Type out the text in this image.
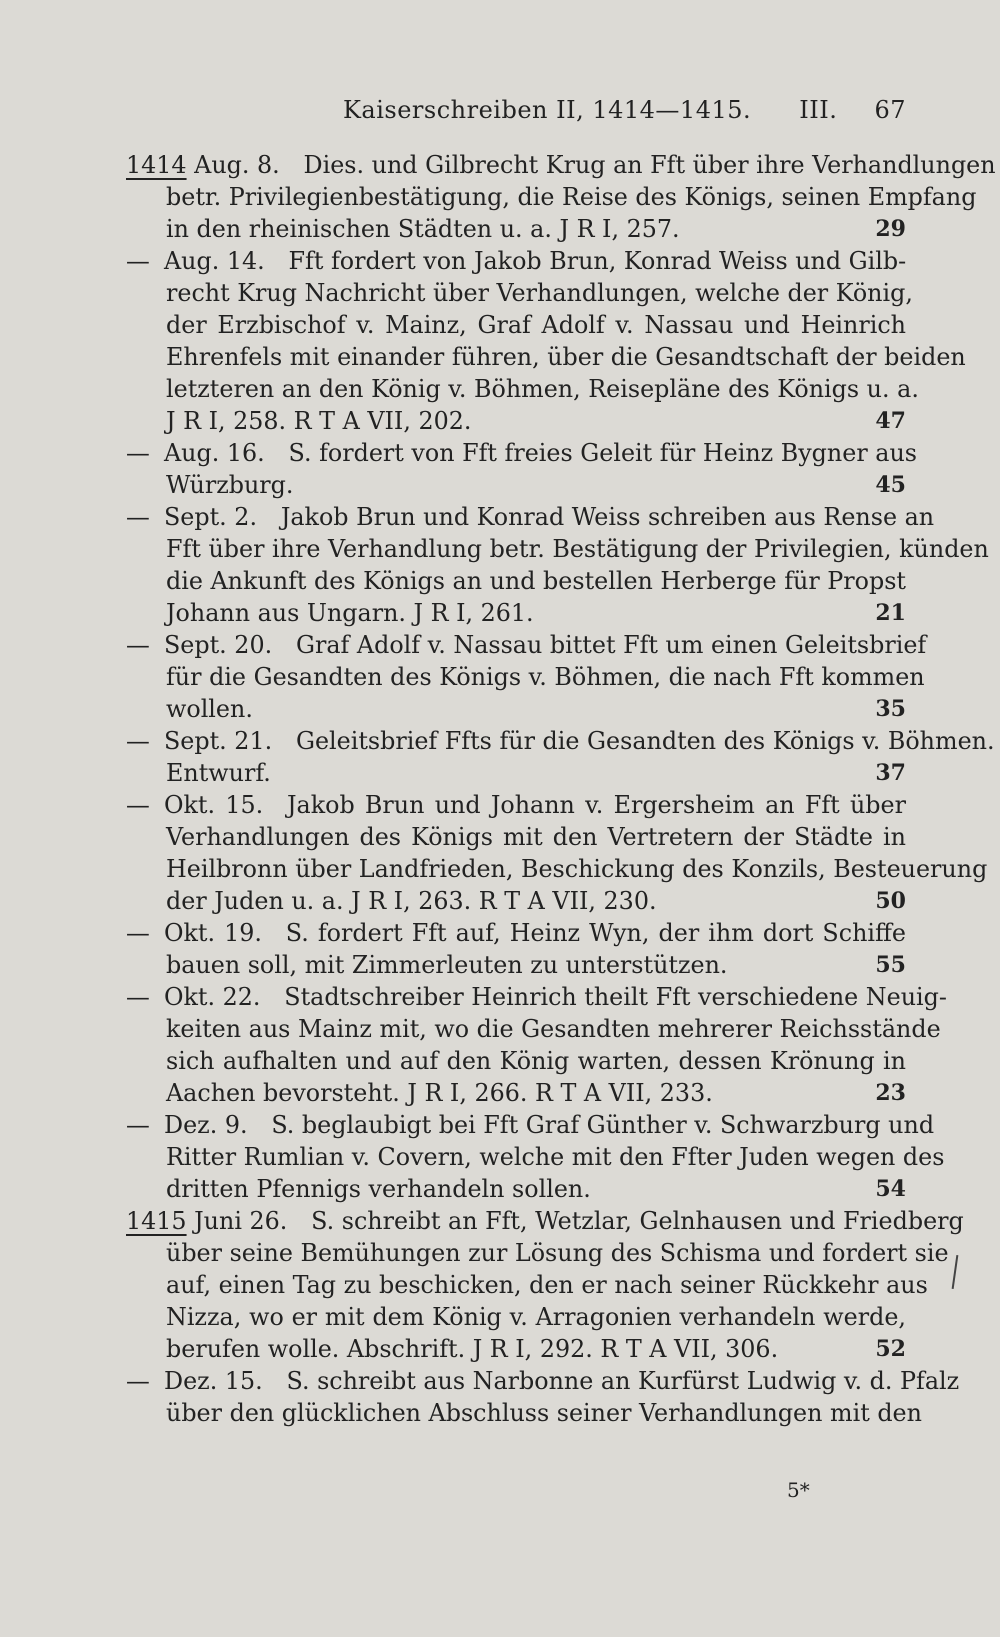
Kaiserschreiben II, 1414—1415. III.	67
1414 Aug. 8.  Dies. und Gilbrecht Krug an Fft über ihre Verhandlungen
betr. Privilegienbestätigung, die Reise des Königs, seinen Empfang
in den rheinischen Städten u. a. J R I, 257.	29
— Aug. 14.  Fft fordert von Jakob Brun, Konrad Weiss und Gilb-
recht Krug Nachricht über Verhandlungen, welche der König,
der Erzbischof v. Mainz, Graf Adolf v. Nassau und Heinrich
Ehrenfels mit einander führen, über die Gesandtschaft der beiden
letzteren an den König v. Böhmen, Reisepläne des Königs u. a.
J R I, 258. R T A VII, 202.	47
— Aug. 16.  S. fordert von Fft freies Geleit für Heinz Bygner aus
Würzburg.	45
— Sept. 2.  Jakob Brun und Konrad Weiss schreiben aus Rense an
Fft über ihre Verhandlung betr. Bestätigung der Privilegien, künden
die Ankunft des Königs an und bestellen Herberge für Propst
Johann aus Ungarn. J R I, 261.	21
— Sept. 20.  Graf Adolf v. Nassau bittet Fft um einen Geleitsbrief
für die Gesandten des Königs v. Böhmen, die nach Fft kommen
wollen.	35
— Sept. 21.  Geleitsbrief Ffts für die Gesandten des Königs v. Böhmen.
Entwurf.	37
— Okt. 15.  Jakob Brun und Johann v. Ergersheim an Fft über
Verhandlungen des Königs mit den Vertretern der Städte in
Heilbronn über Landfrieden, Beschickung des Konzils, Besteuerung
der Juden u. a. J R I, 263. R T A VII, 230.	50
— Okt. 19.  S. fordert Fft auf, Heinz Wyn, der ihm dort Schiffe
bauen soll, mit Zimmerleuten zu unterstützen.	55
— Okt. 22.  Stadtschreiber Heinrich theilt Fft verschiedene Neuig-
keiten aus Mainz mit, wo die Gesandten mehrerer Reichsstände
sich aufhalten und auf den König warten, dessen Krönung in
Aachen bevorsteht. J R I, 266. R T A VII, 233.	23
— Dez. 9.  S. beglaubigt bei Fft Graf Günther v. Schwarzburg und
Ritter Rumlian v. Covern, welche mit den Ffter Juden wegen des
dritten Pfennigs verhandeln sollen.	54
1415 Juni 26.  S. schreibt an Fft, Wetzlar, Gelnhausen und Friedberg
über seine Bemühungen zur Lösung des Schisma und fordert sie
auf, einen Tag zu beschicken, den er nach seiner Rückkehr aus
Nizza, wo er mit dem König v. Arragonien verhandeln werde,
berufen wolle. Abschrift. J R I, 292. R T A VII, 306.	52
— Dez. 15.  S. schreibt aus Narbonne an Kurfürst Ludwig v. d. Pfalz
über den glücklichen Abschluss seiner Verhandlungen mit den
5*
